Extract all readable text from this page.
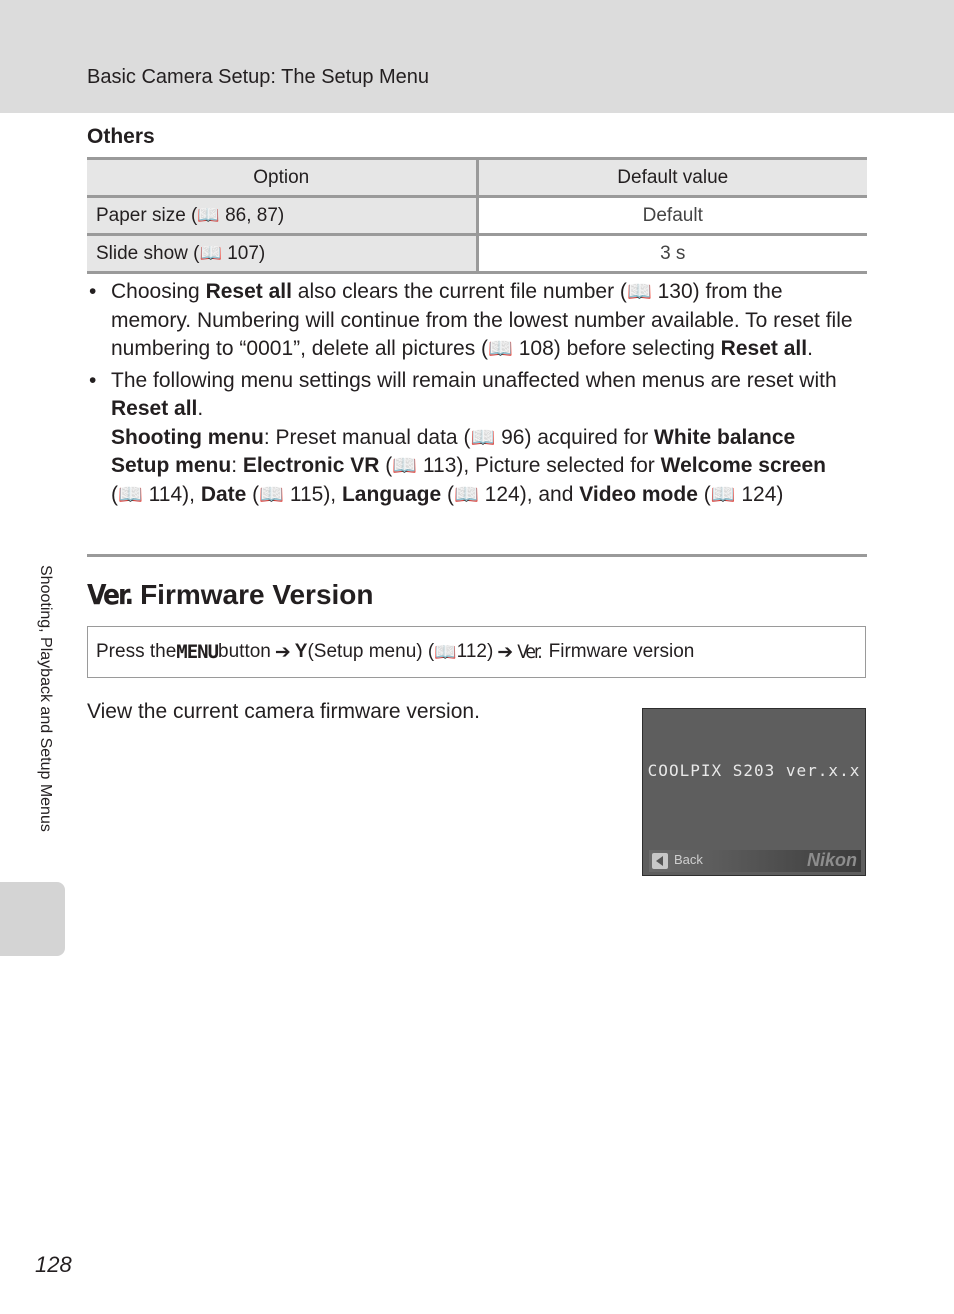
Basic Camera Setup: The Setup Menu
Shooting, Playback and Setup Menus
Others
Option	Default value
Paper size (📖 86, 87)	Default
Slide show (📖 107)	3 s
• Choosing Reset all also clears the current file number (📖 130) from the memory. Numbering will continue from the lowest number available. To reset file numbering to “0001”, delete all pictures (📖 108) before selecting Reset all.
• The following menu settings will remain unaffected when menus are reset with Reset all.
Shooting menu: Preset manual data (📖 96) acquired for White balance
Setup menu: Electronic VR (📖 113), Picture selected for Welcome screen
(📖 114), Date (📖 115), Language (📖 124), and Video mode (📖 124)
Ver. Firmware Version
Press the MENU button ➔ Y (Setup menu) ( 📖 112) ➔ Ver. Firmware version
View the current camera firmware version.
COOLPIX S203 ver.x.x
Back	Nikon
128
